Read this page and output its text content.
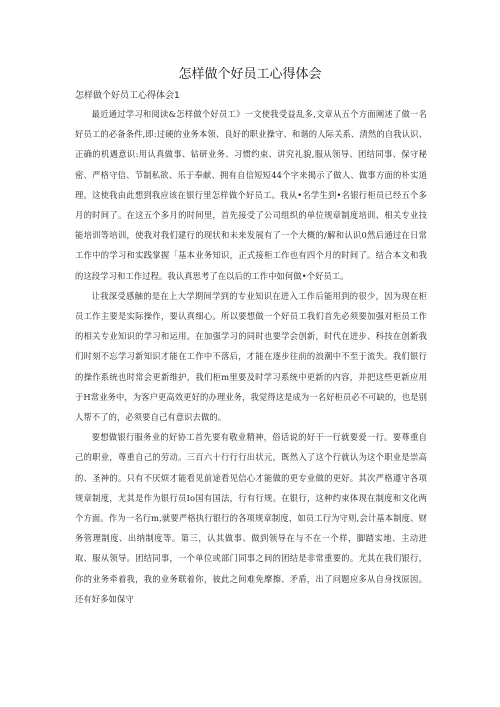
怎样做个好员工心得体会
怎样做个好员工心得体会1

最近通过学习和阅读&怎样做个好员工》一文使我受益乱多,文章从五个方面阐述了做一名好员工的必备条件,即:过硬的业务本领、良好的职业操守、和谐的人际关系、清然的自我认识、正确的机遇意识:用认真做事、钻研业务、习惯约束、讲究礼貌,服从领导、团结同事、保守秘密、严格守信、节制私欲、乐于奉献、拥有自信短短44个字来揭示了做人、做事方面的朴实道理。这使我由此想到我应该在银行里怎样做个好员工。我从•名学生到•名银行柜员已经五个多月的时间了。在这五个多月的时间里，首先接受了公司组织的单位规章制度培训、相关专业技能培训等培训，使我对我们建行的现状和未来发展有了一个大概的/解和认识0然后通过在日常工作中的学习和实践掌握「基本业务知识，正式接柜工作也有四个月的时间了。结合本文和我的这段学习和工作过程。我认真思考了在以后的工作中如何做•个好员工。

让我深受感触的是在上大学期间学到的专业知识在进入工作后能用到的很少，因为现在柜员工作主要是实际操作，要认真细心。所以要想做一个好员工我们首先必须要加强对柜员工作的相关专业知识的学习和运用。在加强学习的同时也要学会创新，时代在进步、科技在创新我们时刻不忘学习新知识才能在工作中不落后，才能在逐步往前的浪潮中不至于流失。我们银行的操作系统也时常会更新维护，我们柜m里要及时学习系统中更新的内容，并把这些更新应用于H常业务中，为客户更高效更好的办理业务，我觉得这是成为一名好柜员必不可缺的，也是别人帮不了的，必须要自己有意识去做的。

要想做银行服务业的好协工首先要有敬业精神，俗话说的好干一行就要爱一行。要尊重自己的职业，尊重自己的劳动。三百六十行行行出状元，既然入了这个行就认为这个职业是崇高的、圣神的。只有不厌烦才能看见前途看见信心才能做的更专业做的更好。其次严格遵守各项规章制度，尤其是作为银行员Io国有国法，行有行规。在银行，这种约束体现在制度和文化两个方面。作为一名行m,就要严格执行银行的各项规章制度，如员工行为守则,会计基本制度、财务管理制度、出纳制度等。第三，认其做事、做到领导在与不在一个样，脚踏实地、主动进取、服从领导。团结同事，一个单位或部门同事之间的团结是非常重要的。尤其在我们银行，你的业务牵着我，我的业务联着你，彼此之间难免摩擦、矛盾，出了问题应多从自身找原因。还有好多如保守
